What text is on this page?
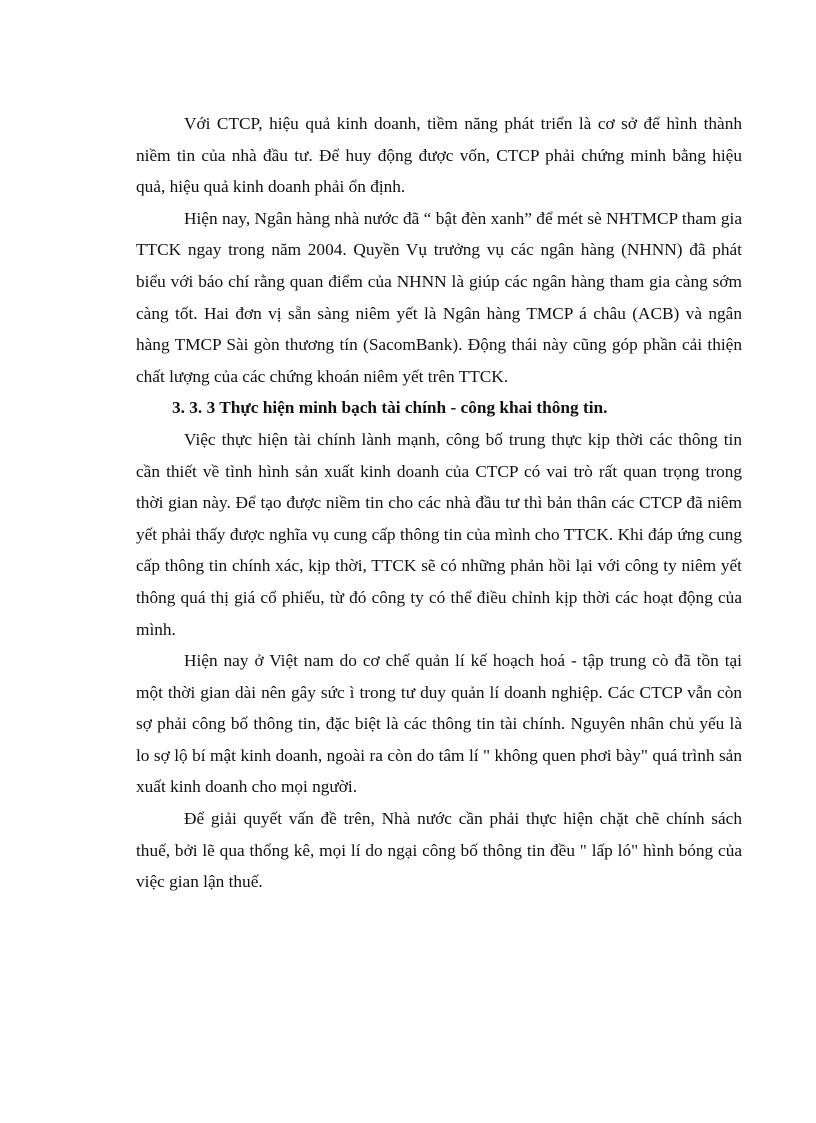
Với CTCP, hiệu quả kinh doanh, tiềm năng phát triển là cơ sở để hình thành niềm tin của nhà đầu tư. Để huy động được vốn, CTCP phải chứng minh bằng hiệu quả, hiệu quả kinh doanh phải ổn định.

Hiện nay, Ngân hàng nhà nước đã “ bật đèn xanh” để mét sè NHTMCP tham gia TTCK ngay trong năm 2004. Quyền Vụ trưởng vụ các ngân hàng (NHNN) đã phát biểu với báo chí rằng quan điểm của NHNN là giúp các ngân hàng tham gia càng sớm càng tốt. Hai đơn vị sẵn sàng niêm yết là Ngân hàng TMCP á châu (ACB) và ngân hàng TMCP Sài gòn thương tín (SacomBank). Động thái này cũng góp phần cải thiện chất lượng của các chứng khoán niêm yết trên TTCK.

3. 3. 3 Thực hiện minh bạch tài chính - công khai thông tin.

Việc thực hiện tài chính lành mạnh, công bố trung thực kịp thời các thông tin cần thiết về tình hình sản xuất kinh doanh của CTCP có vai trò rất quan trọng trong thời gian này. Để tạo được niềm tin cho các nhà đầu tư thì bản thân các CTCP đã niêm yết phải thấy được nghĩa vụ cung cấp thông tin của mình cho TTCK. Khi đáp ứng cung cấp thông tin chính xác, kịp thời, TTCK sẽ có những phản hồi lại với công ty niêm yết thông quá thị giá cổ phiếu, từ đó công ty có thể điều chỉnh kịp thời các hoạt động của mình.

Hiện nay ở Việt nam do cơ chế quản lí kế hoạch hoá - tập trung cò đã tồn tại một thời gian dài nên gây sức ì trong tư duy quản lí doanh nghiệp. Các CTCP vẫn còn sợ phải công bố thông tin, đặc biệt là các thông tin tài chính. Nguyên nhân chủ yếu là lo sợ lộ bí mật kinh doanh, ngoài ra còn do tâm lí " không quen phơi bày" quá trình sản xuất kinh doanh cho mọi người.

Để giải quyết vấn đề trên, Nhà nước cần phải thực hiện chặt chẽ chính sách thuế, bởi lẽ qua thống kê, mọi lí do ngại công bố thông tin đều " lấp ló" hình bóng của việc gian lận thuế.
